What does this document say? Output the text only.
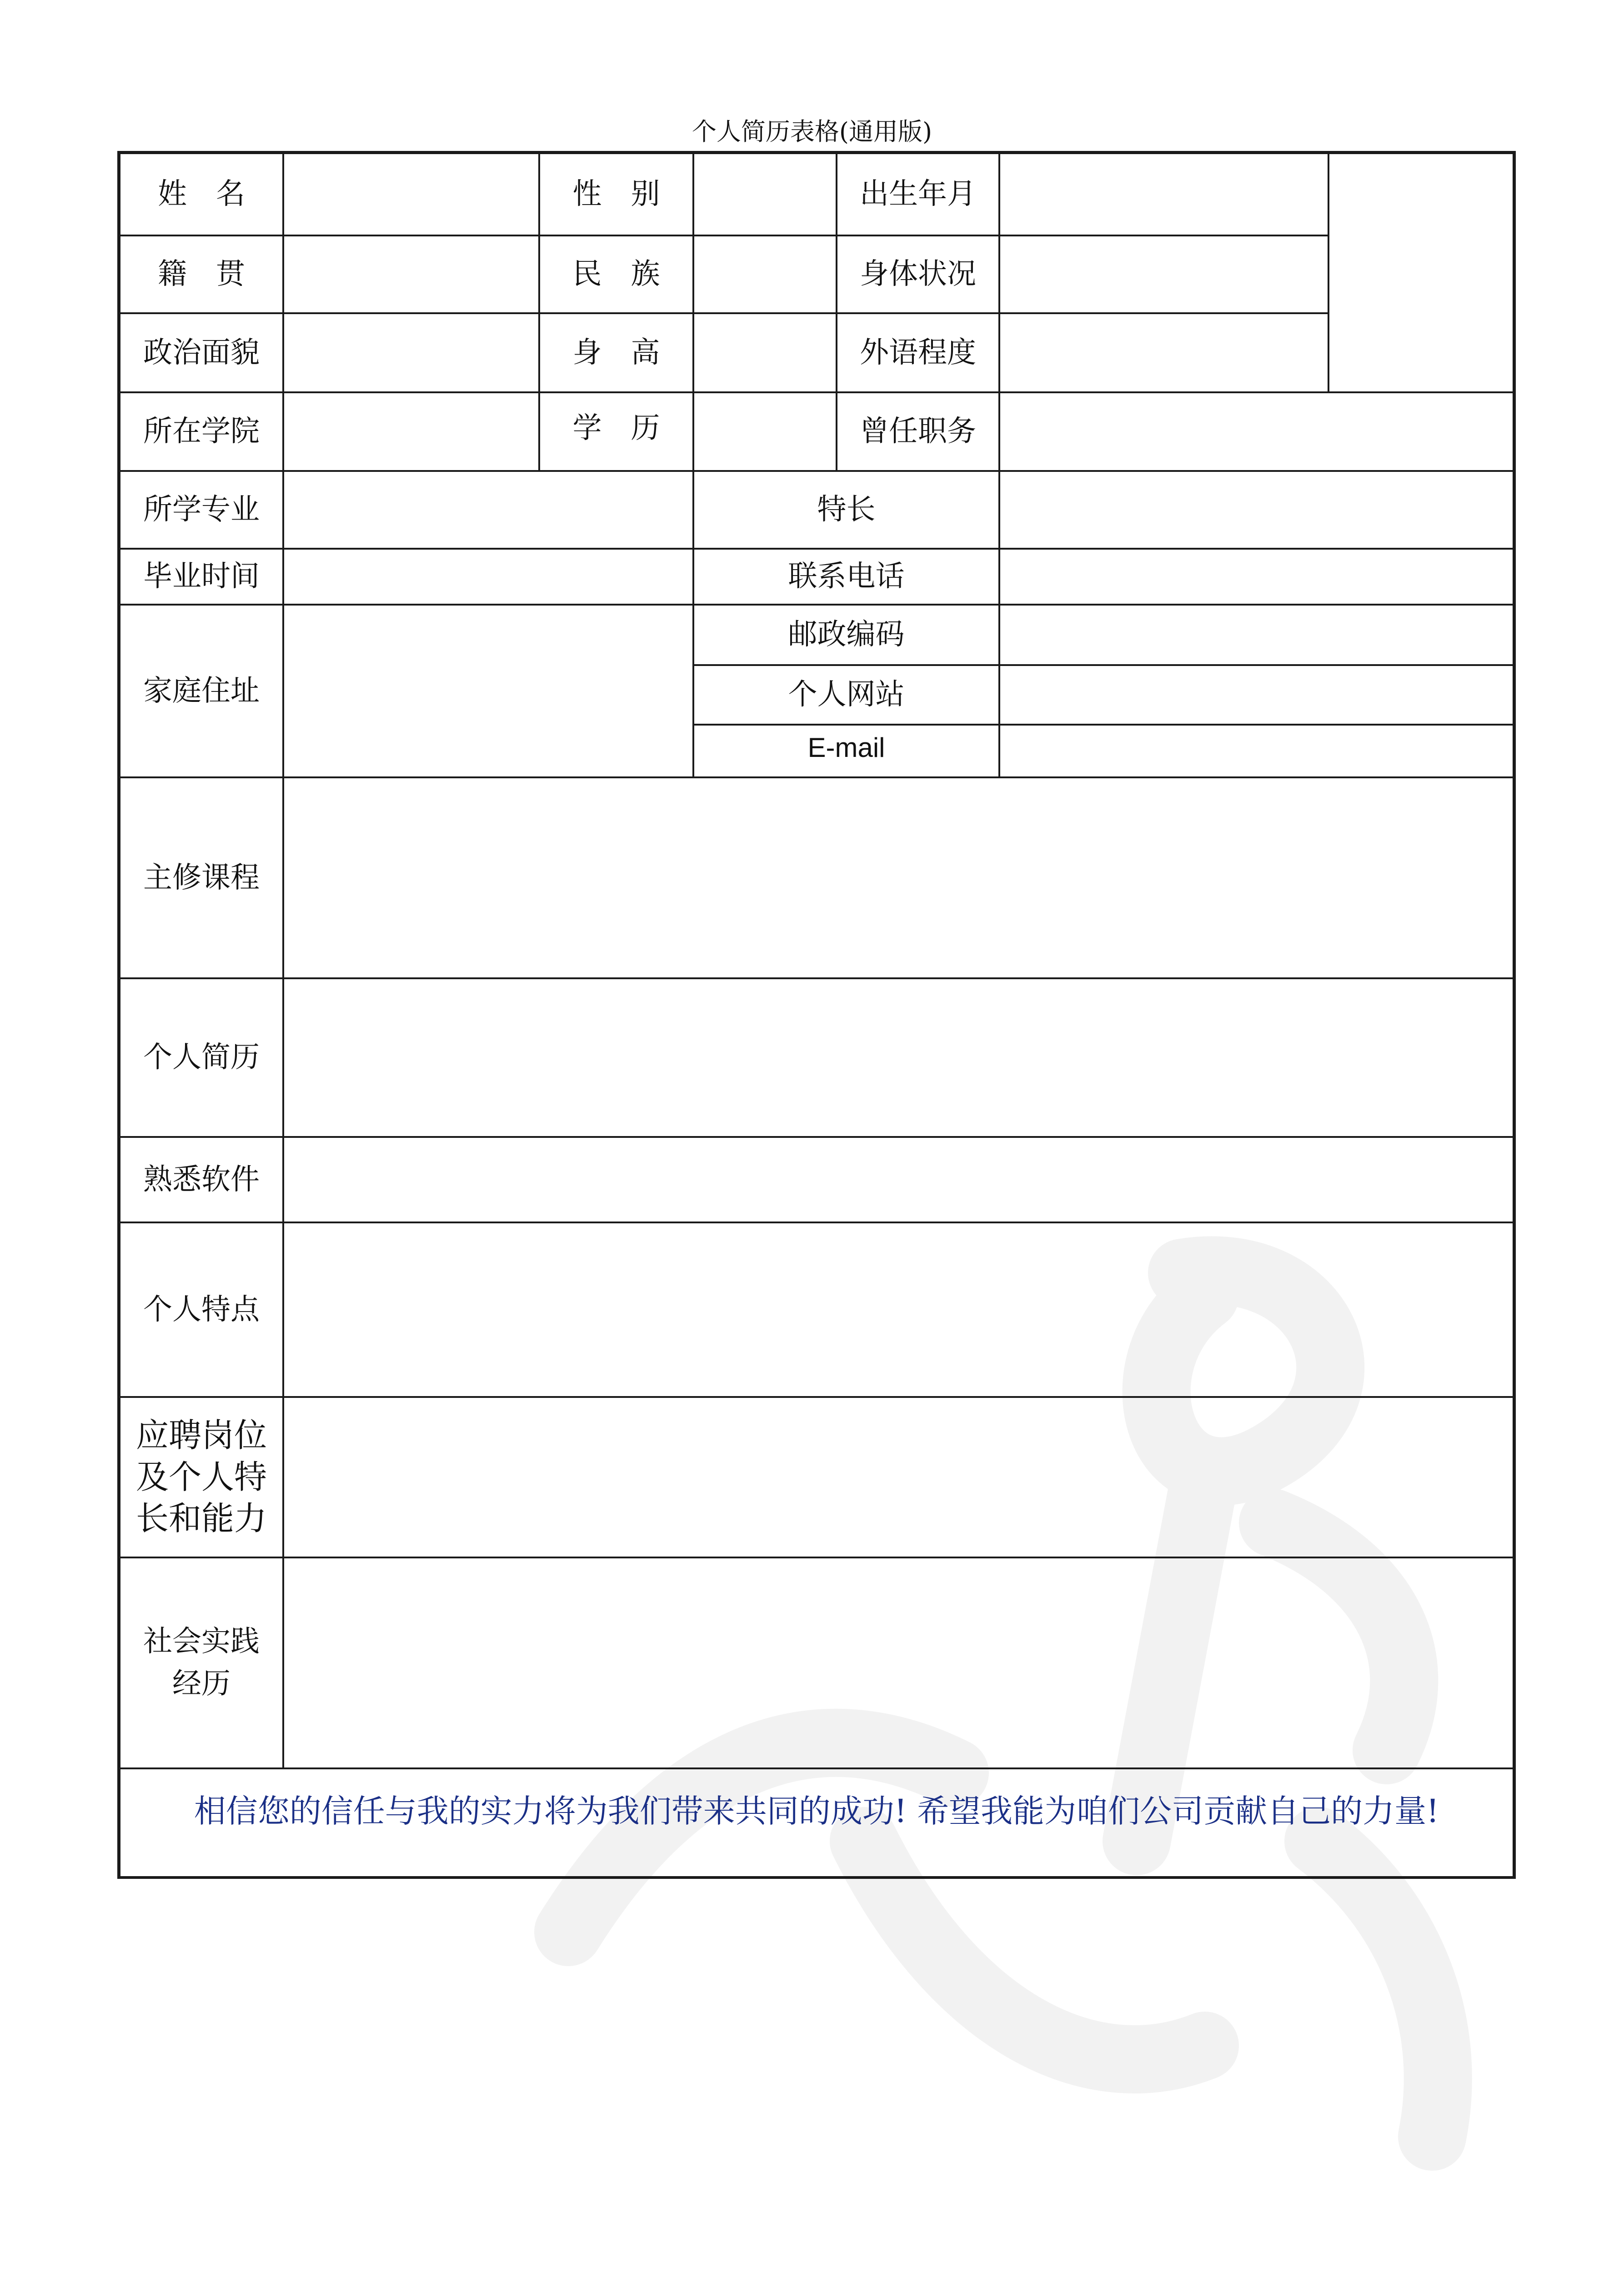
个人简历表格(通用版)
姓　名	性　别	出生年月
籍　贯	民　族	身体状况
政治面貌	身　高	外语程度
所在学院	学　历	曾任职务
所学专业	特长
毕业时间	联系电话
家庭住址
邮政编码
个人网站
E-mail
主修课程
个人简历
熟悉软件
个人特点
应聘岗位
及个人特
长和能力
社会实践
经历
相信您的信任与我的实力将为我们带来共同的成功! 希望我能为咱们公司贡献自己的力量!
